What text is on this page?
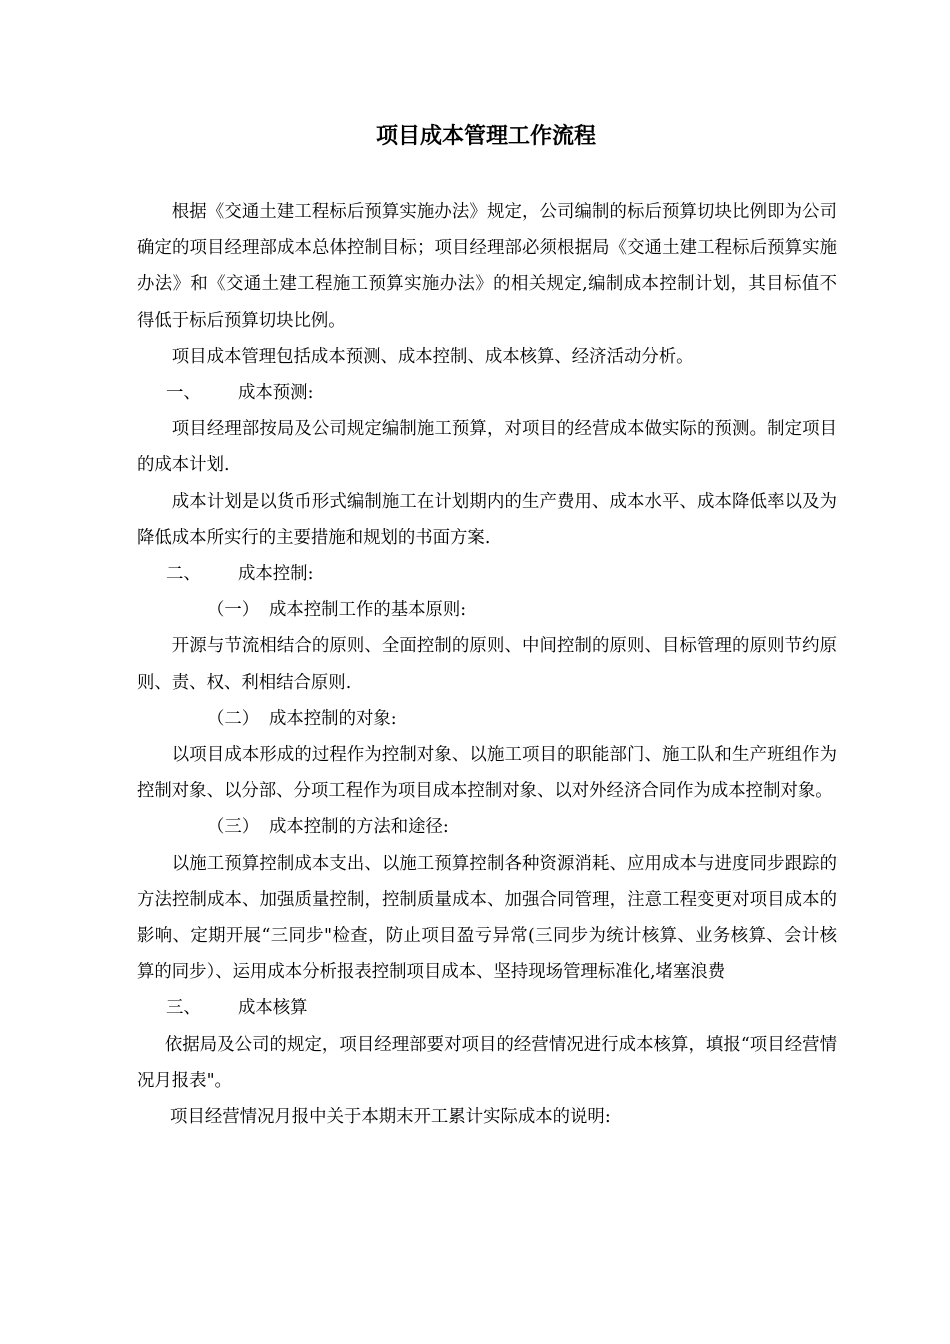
项目成本管理工作流程

根据《交通土建工程标后预算实施办法》规定，公司编制的标后预算切块比例即为公司确定的项目经理部成本总体控制目标；项目经理部必须根据局《交通土建工程标后预算实施办法》和《交通土建工程施工预算实施办法》的相关规定,编制成本控制计划，其目标值不得低于标后预算切块比例。

项目成本管理包括成本预测、成本控制、成本核算、经济活动分析。

一、 成本预测:

项目经理部按局及公司规定编制施工预算，对项目的经营成本做实际的预测。制定项目的成本计划.

成本计划是以货币形式编制施工在计划期内的生产费用、成本水平、成本降低率以及为降低成本所实行的主要措施和规划的书面方案.

二、 成本控制:

（一） 成本控制工作的基本原则:

开源与节流相结合的原则、全面控制的原则、中间控制的原则、目标管理的原则节约原则、责、权、利相结合原则.

（二） 成本控制的对象:

以项目成本形成的过程作为控制对象、以施工项目的职能部门、施工队和生产班组作为控制对象、以分部、分项工程作为项目成本控制对象、以对外经济合同作为成本控制对象。

（三） 成本控制的方法和途径:

以施工预算控制成本支出、以施工预算控制各种资源消耗、应用成本与进度同步跟踪的方法控制成本、加强质量控制，控制质量成本、加强合同管理，注意工程变更对项目成本的影响、定期开展“三同步"检查，防止项目盈亏异常(三同步为统计核算、业务核算、会计核算的同步）、运用成本分析报表控制项目成本、坚持现场管理标准化,堵塞浪费

三、 成本核算

依据局及公司的规定，项目经理部要对项目的经营情况进行成本核算，填报“项目经营情况月报表"。

项目经营情况月报中关于本期末开工累计实际成本的说明:
